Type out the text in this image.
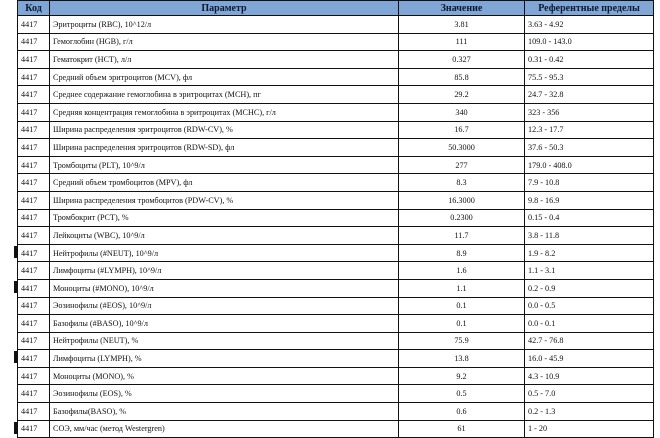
Код	Параметр	Значение	Референтные пределы
4417	Эритроциты (RBC), 10^12/л	3.81	3.63 - 4.92
4417	Гемоглобин (HGB), г/л	111	109.0 - 143.0
4417	Гематокрит (HCT), л/л	0.327	0.31 - 0.42
4417	Средний объем эритроцитов (MCV), фл	85.8	75.5 - 95.3
4417	Среднее содержание гемоглобина в эритроцитах (MCH), пг	29.2	24.7 - 32.8
4417	Средняя концентрация гемоглобина в эритроцитах (MCHC), г/л	340	323 - 356
4417	Ширина распределения эритроцитов (RDW-CV), %	16.7	12.3 - 17.7
4417	Ширина распределения эритроцитов (RDW-SD), фл	50.3000	37.6 - 50.3
4417	Тромбоциты (PLT), 10^9/л	277	179.0 - 408.0
4417	Средний объем тромбоцитов (MPV), фл	8.3	7.9 - 10.8
4417	Ширина распределения тромбоцитов (PDW-CV), %	16.3000	9.8 - 16.9
4417	Тромбокрит (PCT), %	0.2300	0.15 - 0.4
4417	Лейкоциты (WBC), 10^9/л	11.7	3.8 - 11.8
4417	Нейтрофилы (#NEUT), 10^9/л	8.9	1.9 - 8.2
4417	Лимфоциты (#LYMPH), 10^9/л	1.6	1.1 - 3.1
4417	Моноциты (#MONO), 10^9/л	1.1	0.2 - 0.9
4417	Эозинофилы (#EOS), 10^9/л	0.1	0.0 - 0.5
4417	Базофилы (#BASO), 10^9/л	0.1	0.0 - 0.1
4417	Нейтрофилы (NEUT), %	75.9	42.7 - 76.8
4417	Лимфоциты (LYMPH), %	13.8	16.0 - 45.9
4417	Моноциты (MONO), %	9.2	4.3 - 10.9
4417	Эозинофилы (EOS), %	0.5	0.5 - 7.0
4417	Базофилы(BASO), %	0.6	0.2 - 1.3
4417	СОЭ, мм/час (метод Westergren)	61	1 - 20
